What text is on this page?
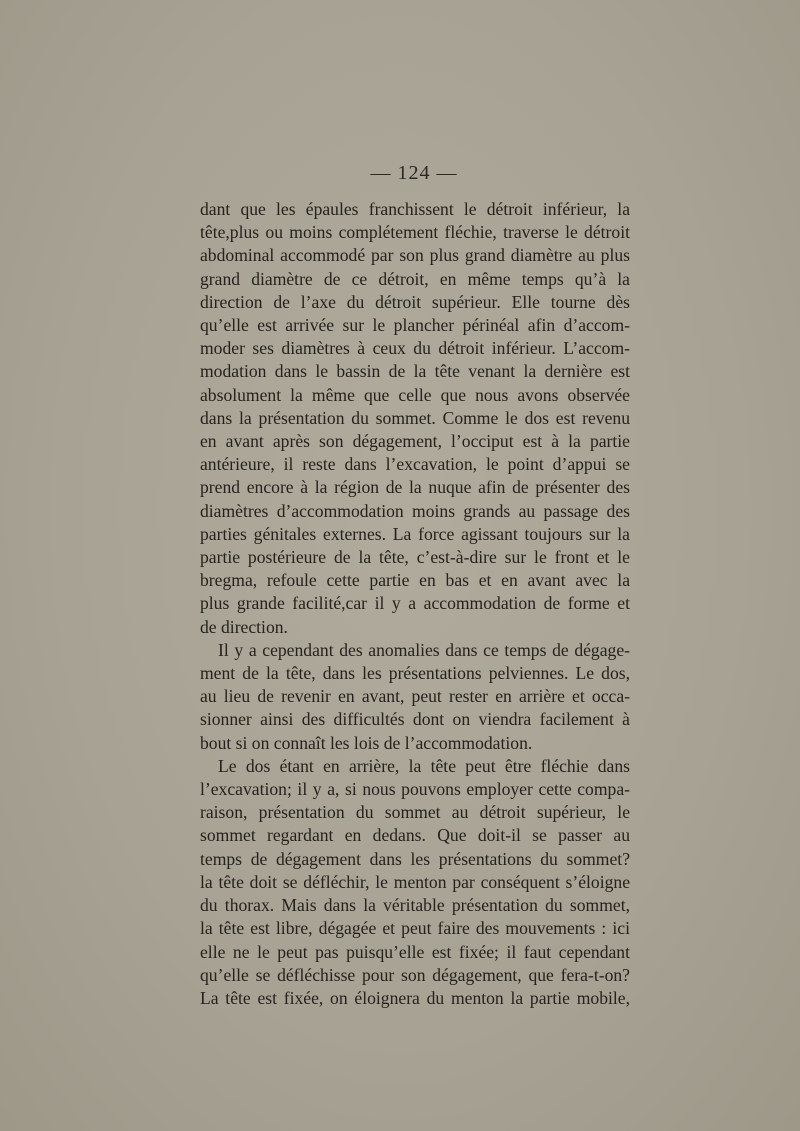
— 124 —
dant que les épaules franchissent le détroit inférieur, la
tête,plus ou moins complétement fléchie, traverse le détroit
abdominal accommodé par son plus grand diamètre au plus
grand diamètre de ce détroit, en même temps qu’à la
direction de l’axe du détroit supérieur. Elle tourne dès
qu’elle est arrivée sur le plancher périnéal afin d’accom-
moder ses diamètres à ceux du détroit inférieur. L’accom-
modation dans le bassin de la tête venant la dernière est
absolument la même que celle que nous avons observée
dans la présentation du sommet. Comme le dos est revenu
en avant après son dégagement, l’occiput est à la partie
antérieure, il reste dans l’excavation, le point d’appui se
prend encore à la région de la nuque afin de présenter des
diamètres d’accommodation moins grands au passage des
parties génitales externes. La force agissant toujours sur la
partie postérieure de la tête, c’est-à-dire sur le front et le
bregma, refoule cette partie en bas et en avant avec la
plus grande facilité,car il y a accommodation de forme et
de direction.
Il y a cependant des anomalies dans ce temps de dégage-
ment de la tête, dans les présentations pelviennes. Le dos,
au lieu de revenir en avant, peut rester en arrière et occa-
sionner ainsi des difficultés dont on viendra facilement à
bout si on connaît les lois de l’accommodation.
Le dos étant en arrière, la tête peut être fléchie dans
l’excavation; il y a, si nous pouvons employer cette compa-
raison, présentation du sommet au détroit supérieur, le
sommet regardant en dedans. Que doit-il se passer au
temps de dégagement dans les présentations du sommet?
la tête doit se défléchir, le menton par conséquent s’éloigne
du thorax. Mais dans la véritable présentation du sommet,
la tête est libre, dégagée et peut faire des mouvements : ici
elle ne le peut pas puisqu’elle est fixée; il faut cependant
qu’elle se défléchisse pour son dégagement, que fera-t-on?
La tête est fixée, on éloignera du menton la partie mobile,
